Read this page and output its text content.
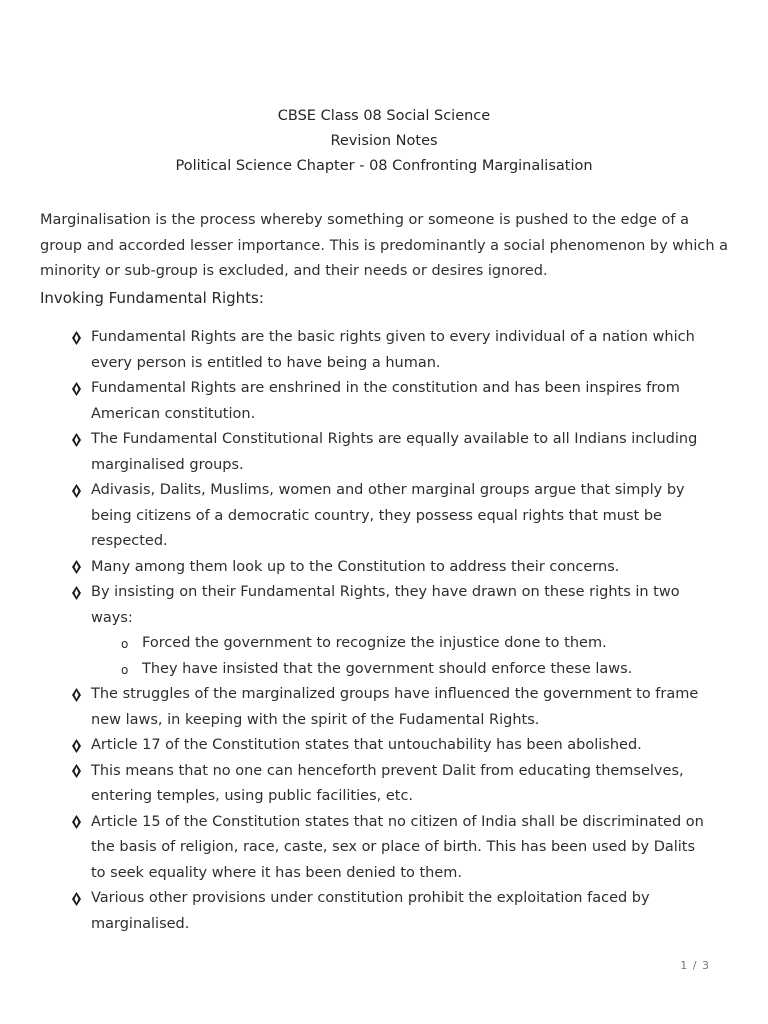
CBSE Class 08 Social Science
Revision Notes
Political Science Chapter - 08 Confronting Marginalisation
Marginalisation is the process whereby something or someone is pushed to the edge of a group and accorded lesser importance. This is predominantly a social phenomenon by which a minority or sub-group is excluded, and their needs or desires ignored.
Invoking Fundamental Rights:
Fundamental Rights are the basic rights given to every individual of a nation which every person is entitled to have being a human.
Fundamental Rights are enshrined in the constitution and has been inspires from American constitution.
The Fundamental Constitutional Rights are equally available to all Indians including marginalised groups.
Adivasis, Dalits, Muslims, women and other marginal groups argue that simply by being citizens of a democratic country, they possess equal rights that must be respected.
Many among them look up to the Constitution to address their concerns.
By insisting on their Fundamental Rights, they have drawn on these rights in two ways:
o Forced the government to recognize the injustice done to them.
o They have insisted that the government should enforce these laws.
The struggles of the marginalized groups have influenced the government to frame new laws, in keeping with the spirit of the Fudamental Rights.
Article 17 of the Constitution states that untouchability has been abolished.
This means that no one can henceforth prevent Dalit from educating themselves, entering temples, using public facilities, etc.
Article 15 of the Constitution states that no citizen of India shall be discriminated on the basis of religion, race, caste, sex or place of birth. This has been used by Dalits to seek equality where it has been denied to them.
Various other provisions under constitution prohibit the exploitation faced by marginalised.
1 / 3
